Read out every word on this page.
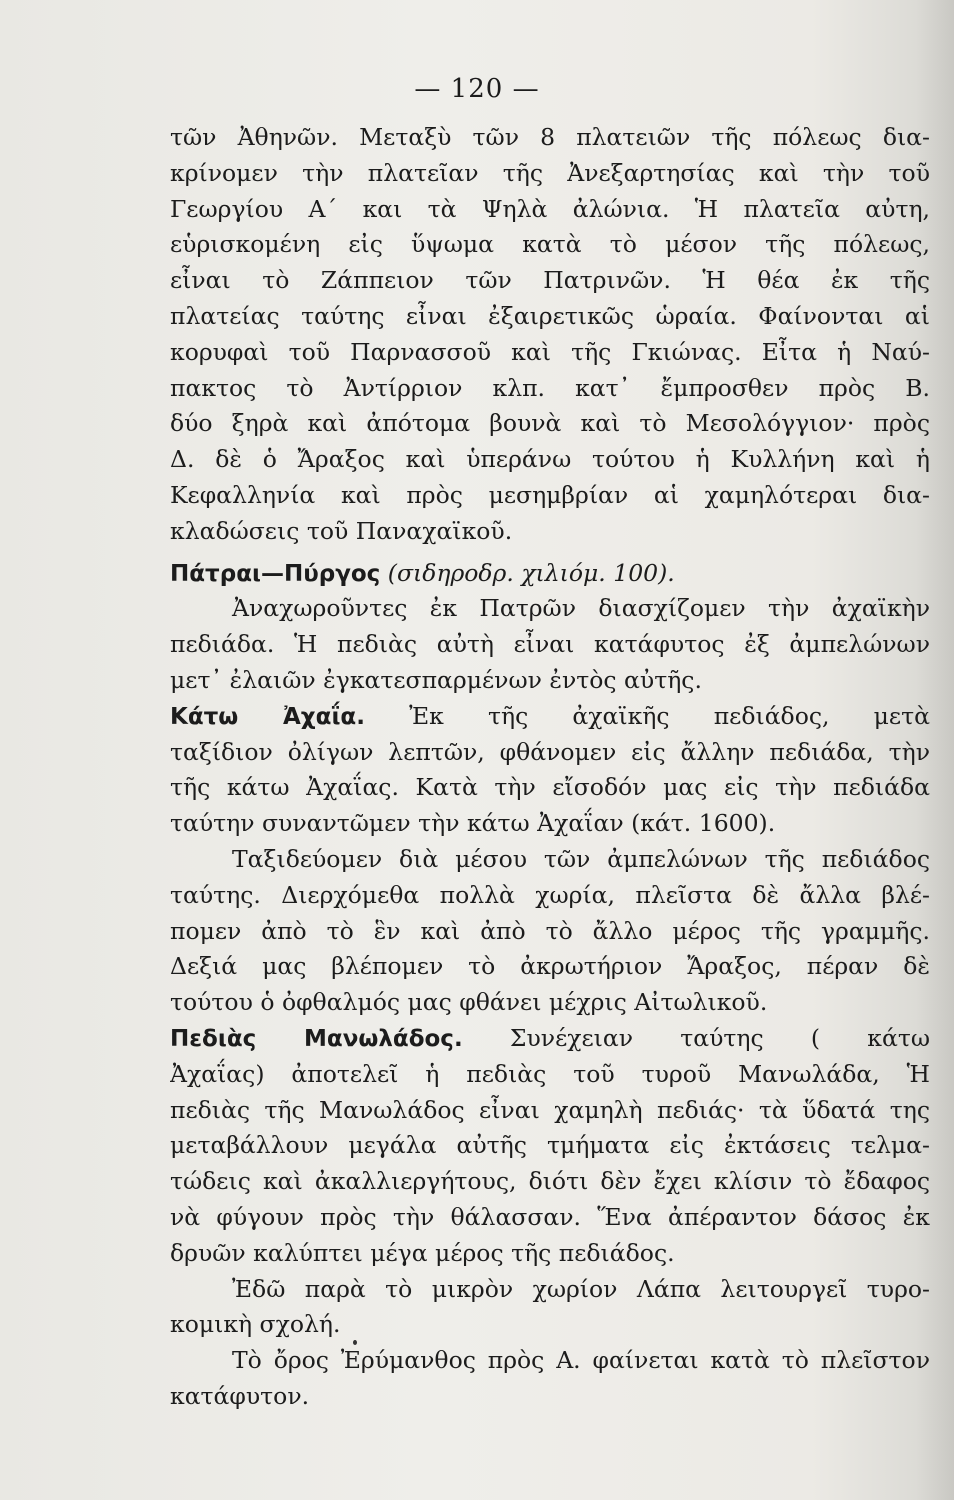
— 120 —
τῶν Ἀθηνῶν. Μεταξὺ τῶν 8 πλατειῶν τῆς πόλεως δια-
κρίνομεν τὴν πλατεῖαν τῆς Ἀνεξαρτησίας καὶ τὴν τοῦ
Γεωργίου Α΄ και τὰ Ψηλὰ ἀλώνια. Ἡ πλατεῖα αὐτη,
εὑρισκομένη εἰς ὕψωμα κατὰ τὸ μέσον τῆς πόλεως,
εἶναι τὸ Ζάππειον τῶν Πατρινῶν. Ἡ θέα ἐκ τῆς
πλατείας ταύτης εἶναι ἐξαιρετικῶς ὡραία. Φαίνονται αἱ
κορυφαὶ τοῦ Παρνασσοῦ καὶ τῆς Γκιώνας. Εἶτα ἡ Ναύ-
πακτος τὸ Ἀντίρριον κλπ. κατ᾽ ἔμπροσθεν πρὸς Β.
δύο ξηρὰ καὶ ἀπότομα βουνὰ καὶ τὸ Μεσολόγγιον· πρὸς
Δ. δὲ ὁ Ἄραξος καὶ ὑπεράνω τούτου ἡ Κυλλήνη καὶ ἡ
Κεφαλληνία καὶ πρὸς μεσημβρίαν αἱ χαμηλότεραι δια-
κλαδώσεις τοῦ Παναχαϊκοῦ.
Πάτραι—Πύργος (σιδηροδρ. χιλιόμ. 100).
Ἀναχωροῦντες ἐκ Πατρῶν διασχίζομεν τὴν ἀχαϊκὴν
πεδιάδα. Ἡ πεδιὰς αὐτὴ εἶναι κατάφυτος ἐξ ἀμπελώνων
μετ᾽ ἐλαιῶν ἐγκατεσπαρμένων ἐντὸς αὐτῆς.
Κάτω Ἀχαΐα. Ἐκ τῆς ἀχαϊκῆς πεδιάδος, μετὰ
ταξίδιον ὀλίγων λεπτῶν, φθάνομεν εἰς ἄλλην πεδιάδα, τὴν
τῆς κάτω Ἀχαΐας. Κατὰ τὴν εἴσοδόν μας εἰς τὴν πεδιάδα
ταύτην συναντῶμεν τὴν κάτω Ἀχαΐαν (κάτ. 1600).
Ταξιδεύομεν διὰ μέσου τῶν ἀμπελώνων τῆς πεδιάδος
ταύτης. Διερχόμεθα πολλὰ χωρία, πλεῖστα δὲ ἄλλα βλέ-
πομεν ἀπὸ τὸ ἓν καὶ ἀπὸ τὸ ἄλλο μέρος τῆς γραμμῆς.
Δεξιά μας βλέπομεν τὸ ἀκρωτήριον Ἄραξος, πέραν δὲ
τούτου ὁ ὀφθαλμός μας φθάνει μέχρις Αἰτωλικοῦ.
Πεδιὰς Μανωλάδος. Συνέχειαν ταύτης ( κάτω
Ἀχαΐας) ἀποτελεῖ ἡ πεδιὰς τοῦ τυροῦ Μανωλάδα, Ἡ
πεδιὰς τῆς Μανωλάδος εἶναι χαμηλὴ πεδιάς· τὰ ὕδατά της
μεταβάλλουν μεγάλα αὐτῆς τμήματα εἰς ἐκτάσεις τελμα-
τώδεις καὶ ἀκαλλιεργήτους, διότι δὲν ἔχει κλίσιν τὸ ἔδαφος
νὰ φύγουν πρὸς τὴν θάλασσαν. Ἕνα ἀπέραντον δάσος ἐκ
δρυῶν καλύπτει μέγα μέρος τῆς πεδιάδος.
Ἐδῶ παρὰ τὸ μικρὸν χωρίον Λάπα λειτουργεῖ τυρο-
κομικὴ σχολή.
Τὸ ὄρος Ἐρύμανθος πρὸς Α. φαίνεται κατὰ τὸ πλεῖστον
κατάφυτον.
